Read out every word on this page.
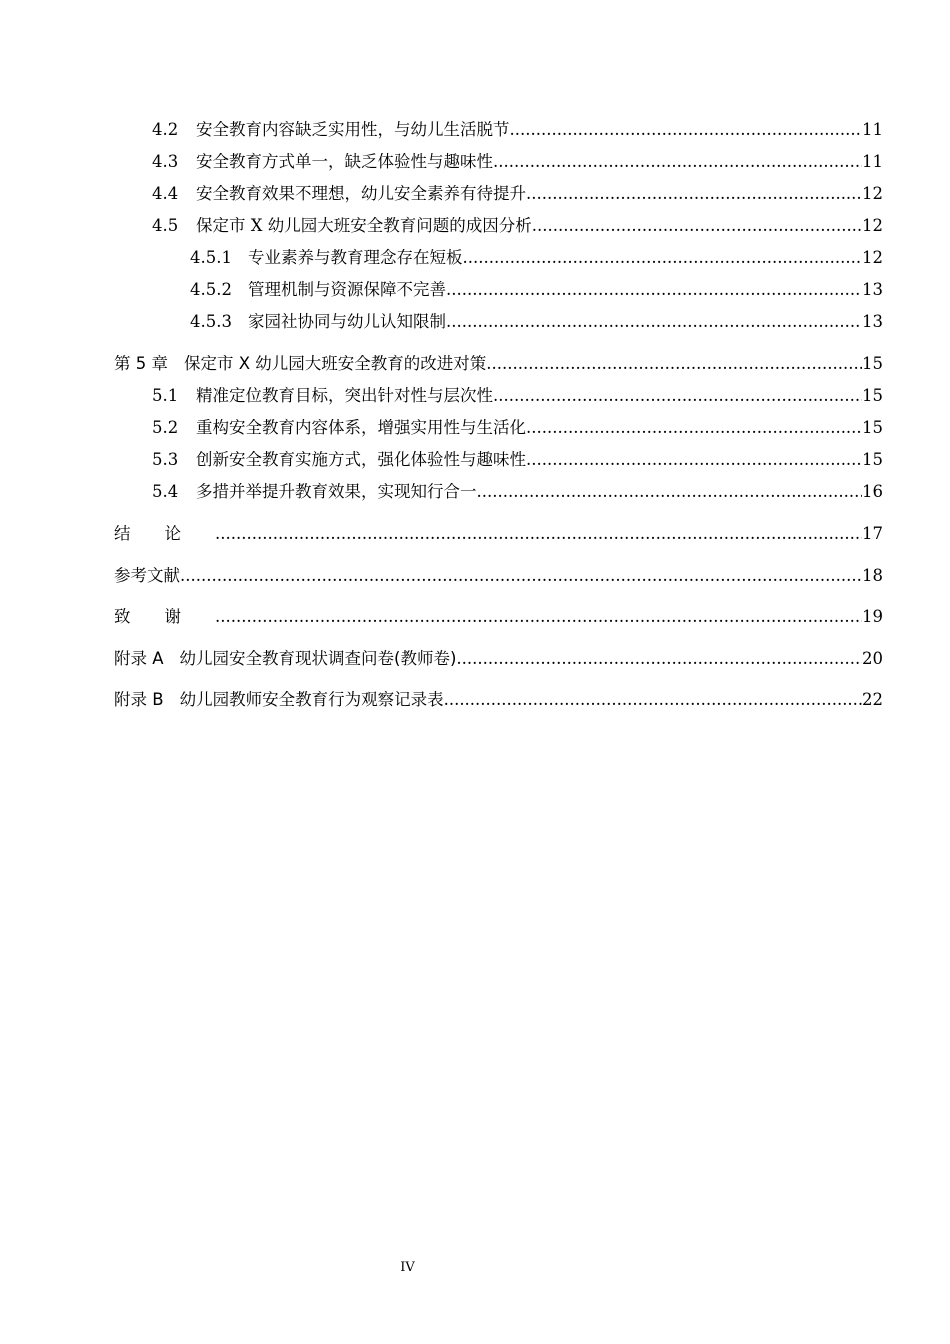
4.2	安全教育内容缺乏实用性，与幼儿生活脱节 .....	11
4.3	安全教育方式单一，缺乏体验性与趣味性 .....	11
4.4	安全教育效果不理想，幼儿安全素养有待提升 .....	12
4.5	保定市 X 幼儿园大班安全教育问题的成因分析 .....	12
4.5.1 专业素养与教育理念存在短板 .....	12
4.5.2 管理机制与资源保障不完善 .....	13
4.5.3 家园社协同与幼儿认知限制 .....	13
第 5 章 保定市 X 幼儿园大班安全教育的改进对策 .....	15
5.1	精准定位教育目标，突出针对性与层次性 .....	15
5.2	重构安全教育内容体系，增强实用性与生活化 .....	15
5.3	创新安全教育实施方式，强化体验性与趣味性 .....	15
5.4	多措并举提升教育效果，实现知行合一 .....	16
结论 .....	17
参考文献 .....	18
致谢 .....	19
附录 A 幼儿园安全教育现状调查问卷(教师卷) .....	20
附录 B 幼儿园教师安全教育行为观察记录表 .....	22
IV
